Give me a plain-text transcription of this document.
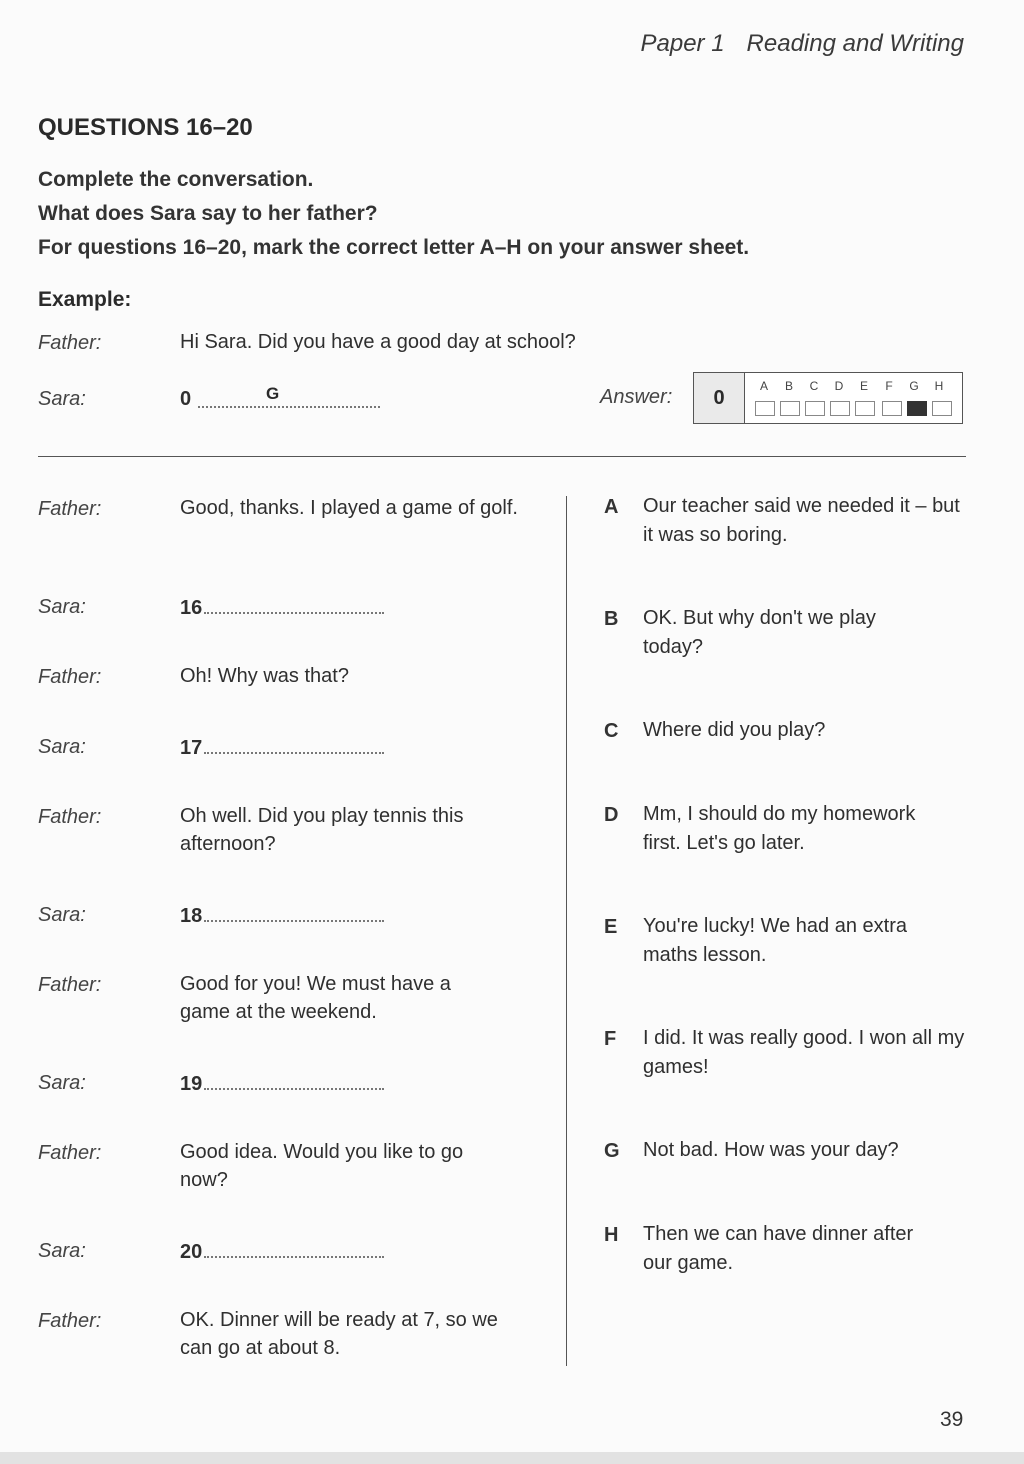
Paper 1 Reading and Writing
QUESTIONS 16–20
Complete the conversation.
What does Sara say to her father?
For questions 16–20, mark the correct letter A–H on your answer sheet.
Example:
Father:	Hi Sara. Did you have a good day at school?
Sara:	0	G	Answer:	0
A	B	C	D	E	F	G	H
Father:	Good, thanks. I played a game of golf.
Sara:	16
Father:	Oh! Why was that?
Sara:	17
Father:	Oh well. Did you play tennis this afternoon?
Sara:	18
Father:	Good for you! We must have a game at the weekend.
Sara:	19
Father:	Good idea. Would you like to go now?
Sara:	20
Father:	OK. Dinner will be ready at 7, so we can go at about 8.
A Our teacher said we needed it – but it was so boring.
B OK. But why don't we play today?
C Where did you play?
D Mm, I should do my homework first. Let's go later.
E You're lucky! We had an extra maths lesson.
F I did. It was really good. I won all my games!
G Not bad. How was your day?
H Then we can have dinner after our game.
39
